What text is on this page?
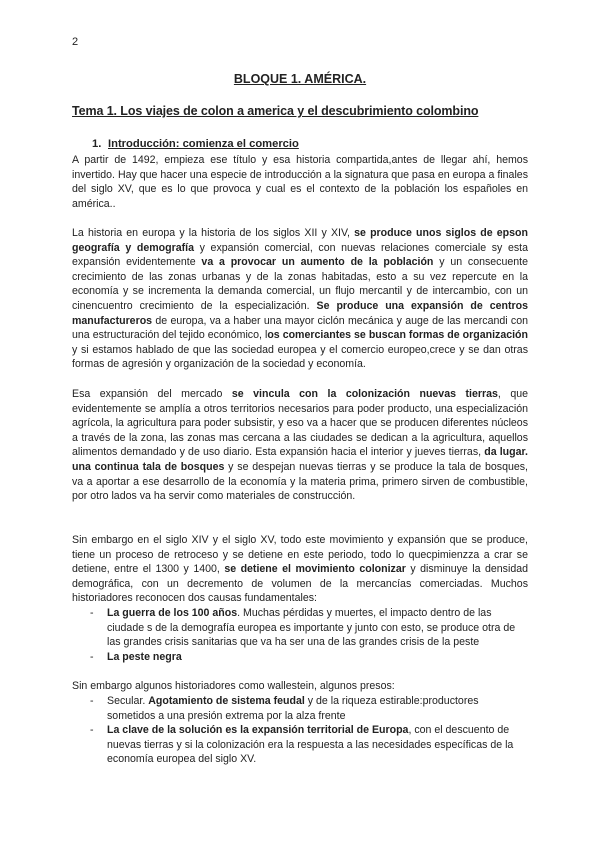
2
BLOQUE 1. AMÉRICA.
Tema 1. Los viajes de colon a america y el descubrimiento colombino
1. Introducción: comienza el comercio
A partir de 1492, empieza ese título y esa historia compartida,antes de llegar ahí, hemos invertido. Hay que hacer una especie de introducción a la signatura que pasa en europa a finales del siglo XV, que es lo que provoca y cual es el contexto de la población los españoles en américa..
La historia en europa y la historia de los siglos XII y XIV, se produce unos siglos de epson geografía y demografía y expansión comercial, con nuevas relaciones comerciale sy esta expansión evidentemente va a provocar un aumento de la población y un consecuente crecimiento de las zonas urbanas y de la zonas habitadas, esto a su vez repercute en la economía y se incrementa la demanda comercial, un flujo mercantil y de intercambio, con un cinencuentro crecimiento de la especialización. Se produce una expansión de centros manufactureros de europa, va a haber una mayor ciclón mecánica y auge de las mercandi con una estructuración del tejido económico, los comerciantes se buscan formas de organización y si estamos hablado de que las sociedad europea y el comercio europeo,crece y se dan otras formas de agresión y organización de la sociedad y economía.
Esa expansión del mercado se vincula con la colonización nuevas tierras, que evidentemente se amplía a otros territorios necesarios para poder producto, una especialización agrícola, la agricultura para poder subsistir, y eso va a hacer que se producen diferentes núcleos a través de la zona, las zonas mas cercana a las ciudades se dedican a la agricultura, aquellos alimentos demandado y de uso diario. Esta expansión hacia el interior y jueves tierras, da lugar. una continua tala de bosques y se despejan nuevas tierras y se produce la tala de bosques, va a aportar a ese desarrollo de la economía y la materia prima, primero sirven de combustible, por otro lados va ha servir como materiales de construcción.
Sin embargo en el siglo XIV y el siglo XV, todo este movimiento y expansión que se produce, tiene un proceso de retroceso y se detiene en este periodo, todo lo quecpimienzza a crar se detiene, entre el 1300 y 1400, se detiene el movimiento colonizar y disminuye la densidad demográfica, con un decremento de volumen de la mercancías comerciadas. Muchos historiadores reconocen dos causas fundamentales:
-	La guerra de los 100 años. Muchas pérdidas y muertes, el impacto dentro de las ciudade s de la demografía europea es importante y junto con esto, se produce otra de las grandes crisis sanitarias que va ha ser una de las grandes crisis de la peste
-	La peste negra
Sin embargo algunos historiadores como wallestein, algunos presos:
-	Secular. Agotamiento de sistema feudal y de la riqueza estirable:productores sometidos a una presión extrema por la alza frente
-	La clave de la solución es la expansión territorial de Europa, con el descuento de nuevas tierras y si la colonización era la respuesta a las necesidades específicas de la economía europea del siglo XV.
